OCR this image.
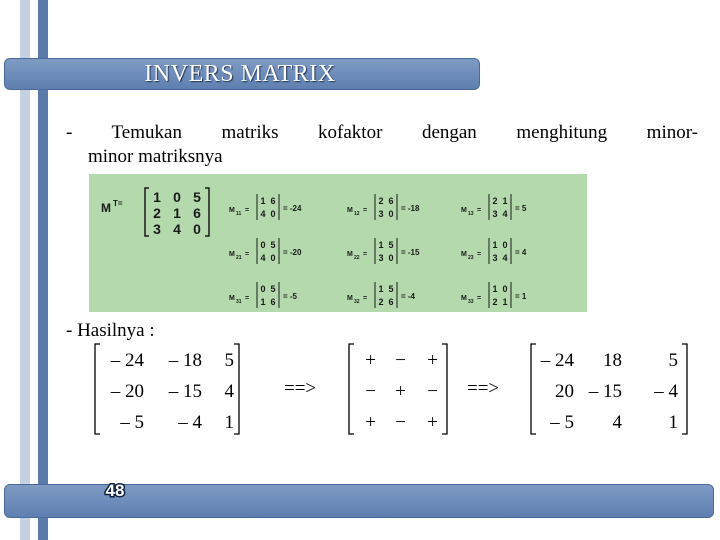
INVERS MATRIX
- Temukan matriks kofaktor dengan menghitung minor-
minor matriksnya
M T= 1 0 5
2 1 6
3 4 0
M 11 =
1 6
4 0
= -24	M 12 =
2 6
3 0
= -18	M 13 =
2 1
3 4
= 5
M 21 =
0 5
4 0
= -20	M 22 =
1 5
3 0
= -15	M 23 =
1 0
3 4
= 4
M 31 =
0 5
1 6
= -5	M 32 =
1 5
2 6
= -4	M 33 =
1 0
2 1
= 1
- Hasilnya :
– 24 – 18 5
– 20 – 15 4
– 5 – 4 1
==>
+ − +
− + −
+ − +
==>
– 24 18 5
20 – 15 – 4
– 5 4 1
48
